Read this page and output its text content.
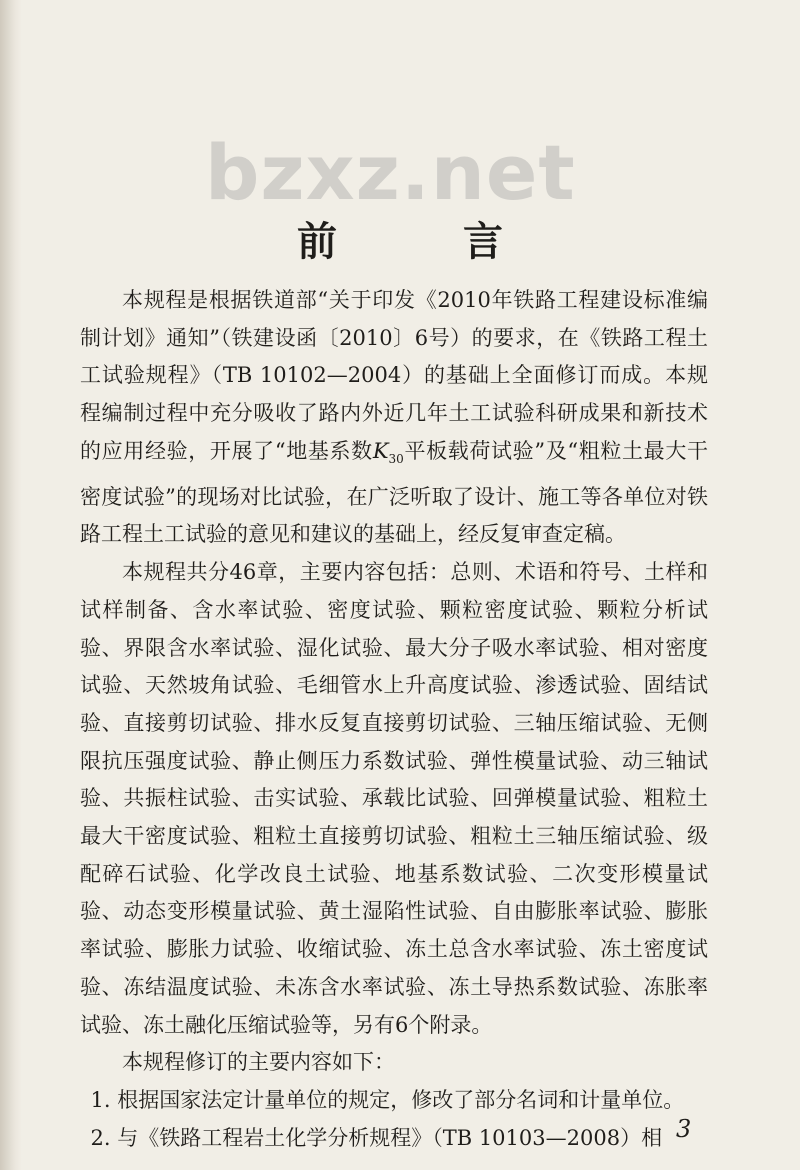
bzxz.net
前 言

本规程是根据铁道部“关于印发《2010年铁路工程建设标准编制计划》通知”（铁建设函〔2010〕6号）的要求，在《铁路工程土工试验规程》（TB 10102—2004）的基础上全面修订而成。本规程编制过程中充分吸收了路内外近几年土工试验科研成果和新技术的应用经验，开展了“地基系数$K_{30}$平板载荷试验”及“粗粒土最大干密度试验”的现场对比试验，在广泛听取了设计、施工等各单位对铁路工程土工试验的意见和建议的基础上，经反复审查定稿。

本规程共分46章，主要内容包括：总则、术语和符号、土样和试样制备、含水率试验、密度试验、颗粒密度试验、颗粒分析试验、界限含水率试验、湿化试验、最大分子吸水率试验、相对密度试验、天然坡角试验、毛细管水上升高度试验、渗透试验、固结试验、直接剪切试验、排水反复直接剪切试验、三轴压缩试验、无侧限抗压强度试验、静止侧压力系数试验、弹性模量试验、动三轴试验、共振柱试验、击实试验、承载比试验、回弹模量试验、粗粒土最大干密度试验、粗粒土直接剪切试验、粗粒土三轴压缩试验、级配碎石试验、化学改良土试验、地基系数试验、二次变形模量试验、动态变形模量试验、黄土湿陷性试验、自由膨胀率试验、膨胀率试验、膨胀力试验、收缩试验、冻土总含水率试验、冻土密度试验、冻结温度试验、未冻含水率试验、冻土导热系数试验、冻胀率试验、冻土融化压缩试验等，另有6个附录。

本规程修订的主要内容如下：

1. 根据国家法定计量单位的规定，修改了部分名词和计量单位。

2. 与《铁路工程岩土化学分析规程》（TB 10103—2008）相 3
